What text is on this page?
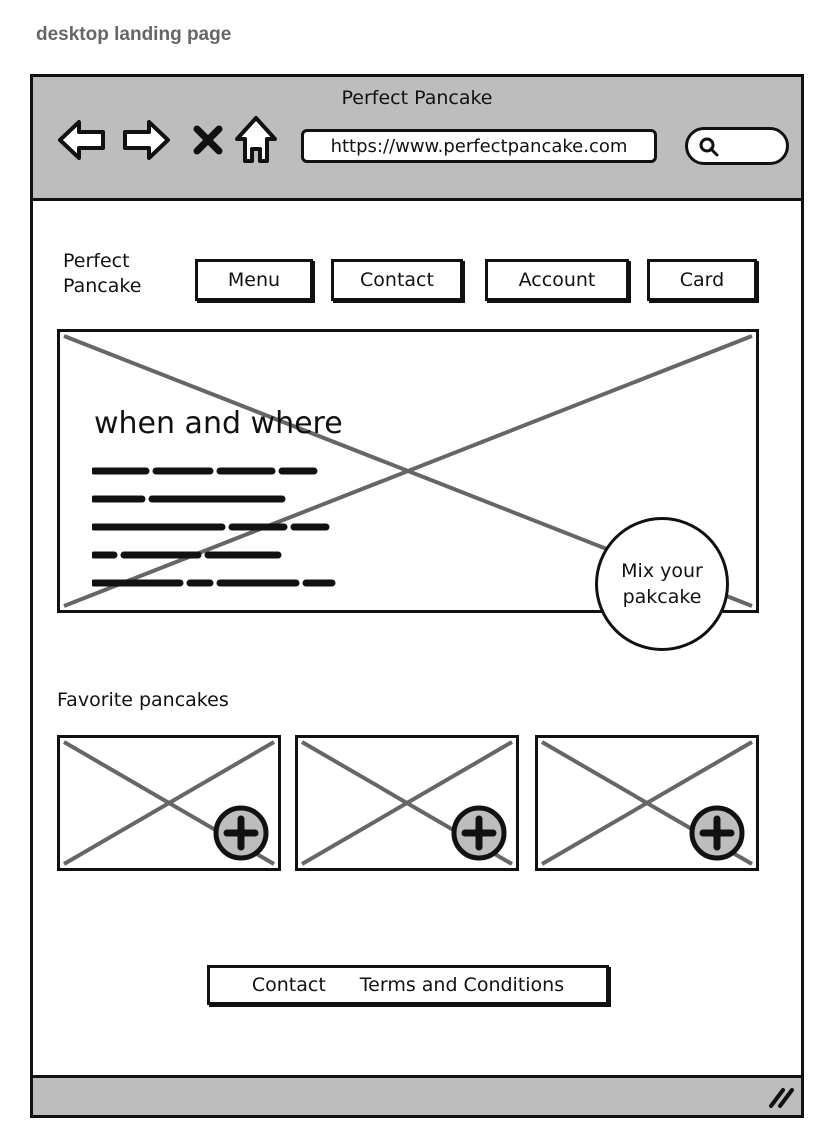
desktop landing page
Perfect Pancake
https://www.perfectpancake.com
Perfect
Pancake	Menu	Contact	Account	Card
when and where
Mix your pakcake
Favorite pancakes
Contact Terms and Conditions
